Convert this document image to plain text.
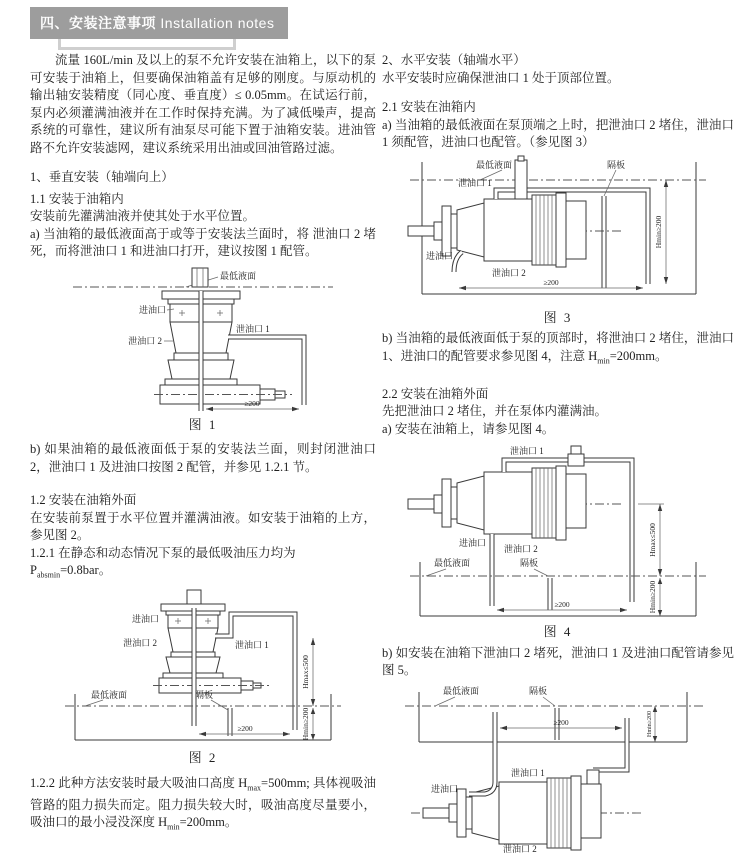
四、安装注意事项 Installation notes

流量 160L/min 及以上的泵不允许安装在油箱上，以下的泵可安装于油箱上，但要确保油箱盖有足够的刚度。与原动机的输出轴安装精度（同心度、垂直度）≤ 0.05mm。在试运行前，泵内必须灌满油液并在工作时保持充满。为了减低噪声，提高系统的可靠性，建议所有油泵尽可能下置于油箱安装。进油管路不允许安装滤网，建议系统采用出油或回油管路过滤。

1、垂直安装（轴端向上）

1.1 安装于油箱内

安装前先灌满油液并使其处于水平位置。

a) 当油箱的最低液面高于或等于安装法兰面时，将 泄油口 2 堵死，而将泄油口 1 和进油口打开，建议按图 1 配管。

最低液面
进油口
泄油口 2
泄油口 1
≥200

图 1

b) 如果油箱的最低液面低于泵的安装法兰面，则封闭泄油口 2，泄油口 1 及进油口按图 2 配管，并参见 1.2.1 节。

1.2 安装在油箱外面

在安装前泵置于水平位置并灌满油液。如安装于油箱的上方，参见图 2。

1.2.1 在静态和动态情况下泵的最低吸油压力均为

$P_{absmin}=0.8bar$。

进油口
泄油口 2	泄油口 1
最低液面	隔板
Hmax≤500
Hmin≥200
≥200

图 2

1.2.2 此种方法安装时最大吸油口高度 $H_{max}=500mm$; 具体视吸油管路的阻力损失而定。阻力损失较大时，吸油高度尽量要小，吸油口的最小浸没深度 $H_{min}=200mm$。

2、水平安装（轴端水平）

水平安装时应确保泄油口 1 处于顶部位置。

2.1 安装在油箱内

a) 当油箱的最低液面在泵顶端之上时，把泄油口 2 堵住，泄油口 1 须配管，进油口也配管。（参见图 3）

最低液面	隔板
泄油口 1
进油口
泄油口 2
≥200
Hmin≥200

图 3

b) 当油箱的最低液面低于泵的顶部时，将泄油口 2 堵住，泄油口 1、进油口的配管要求参见图 4，注意 $H_{min}=200mm$。

2.2 安装在油箱外面

先把泄油口 2 堵住，并在泵体内灌满油。

a) 安装在油箱上，请参见图 4。

泄油口 1
进油口
泄油口 2
最低液面	隔板
Hmax≤500
Hmin≥200
≥200

图 4

b) 如安装在油箱下泄油口 2 堵死，泄油口 1 及进油口配管请参见图 5。

最低液面	隔板
泄油口 1
进油口
泄油口 2
≥200	Hmin≥200
